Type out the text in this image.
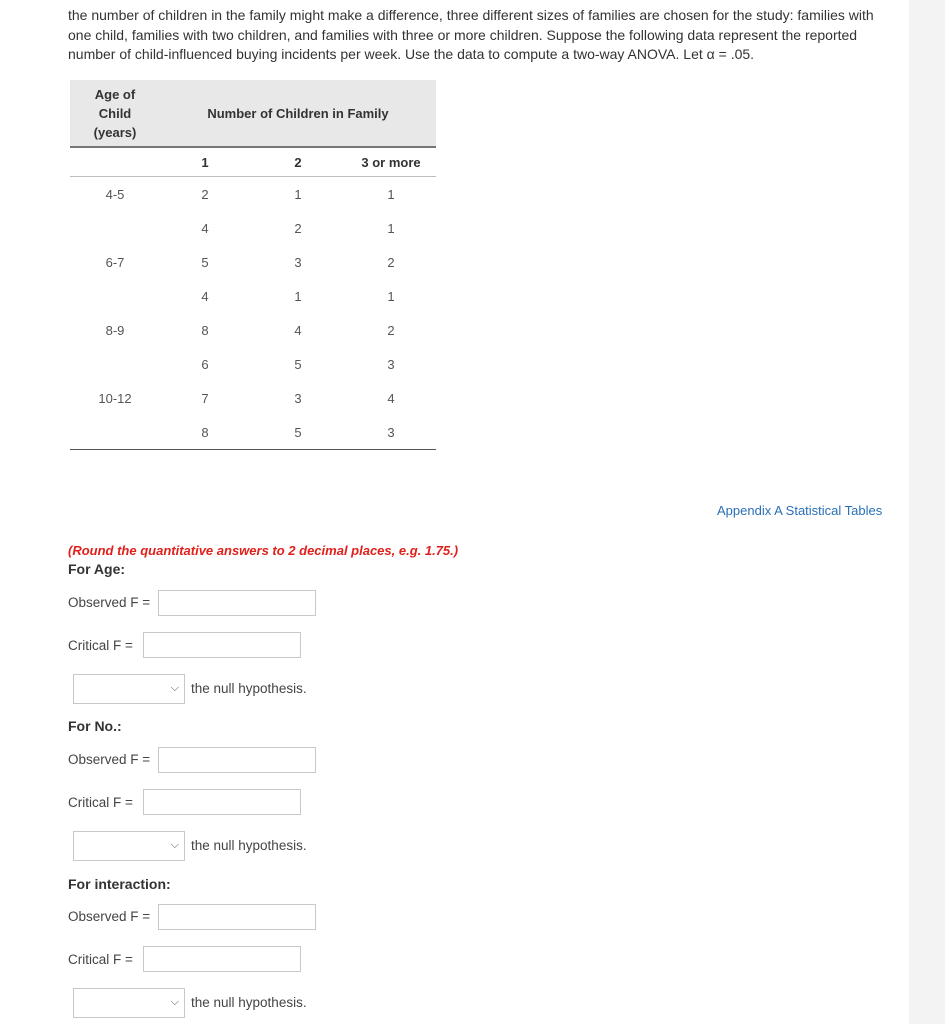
the number of children in the family might make a difference, three different sizes of families are chosen for the study: families with

one child, families with two children, and families with three or more children. Suppose the following data represent the reported

number of child-influenced buying incidents per week. Use the data to compute a two-way ANOVA. Let α = .05.

Age of
Child
(years)	Number of Children in Family		
	1	2	3 or more
4-5	2	1	1
	4	2	1
6-7	5	3	2
	4	1	1
8-9	8	4	2
	6	5	3
10-12	7	3	4
	8	5	3
Appendix A Statistical Tables
(Round the quantitative answers to 2 decimal places, e.g. 1.75.)
For Age:
Observed F =
Critical F =
⌵ the null hypothesis.
For No.:
Observed F =
Critical F =
⌵ the null hypothesis.
For interaction:
Observed F =
Critical F =
⌵ the null hypothesis.
